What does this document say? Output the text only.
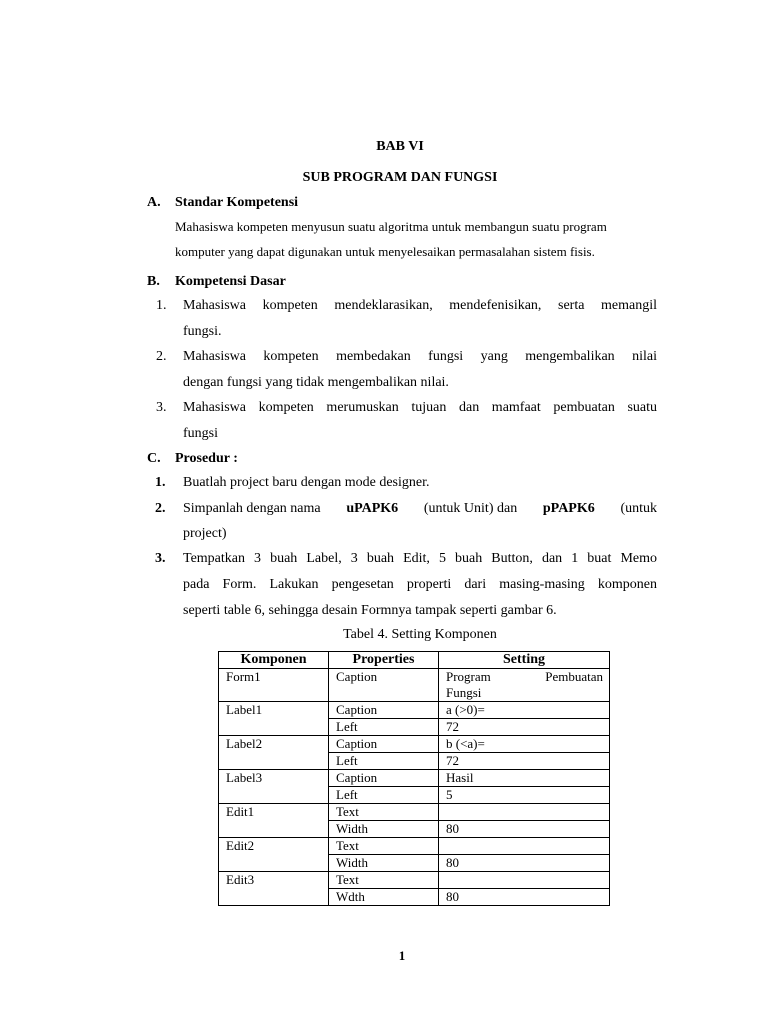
BAB VI
SUB PROGRAM DAN FUNGSI
A. Standar Kompetensi
Mahasiswa kompeten menyusun suatu algoritma untuk membangun suatu program
komputer yang dapat digunakan untuk menyelesaikan permasalahan sistem fisis.
B. Kompetensi Dasar
1. Mahasiswa kompeten mendeklarasikan, mendefenisikan, serta memangil
fungsi.
2. Mahasiswa kompeten membedakan fungsi yang mengembalikan nilai
dengan fungsi yang tidak mengembalikan nilai.
3. Mahasiswa kompeten merumuskan tujuan dan mamfaat pembuatan suatu
fungsi
C. Prosedur :
1. Buatlah project baru dengan mode designer.
2. Simpanlah dengan nama uPAPK6 (untuk Unit) dan pPAPK6 (untuk
project)
3. Tempatkan 3 buah Label, 3 buah Edit, 5 buah Button, dan 1 buat Memo
pada Form. Lakukan pengesetan properti dari masing-masing komponen
seperti table 6, sehingga desain Formnya tampak seperti gambar 6.
Tabel 4. Setting Komponen
Komponen	Properties	Setting
Form1	Caption	Program Pembuatan

		Fungsi
Label1	Caption	a (>0)=
	Left	72
Label2	Caption	b (<a)=
	Left	72
Label3	Caption	Hasil
	Left	5
Edit1	Text	
	Width	80
Edit2	Text	
	Width	80
Edit3	Text	
	Wdth	80
1
